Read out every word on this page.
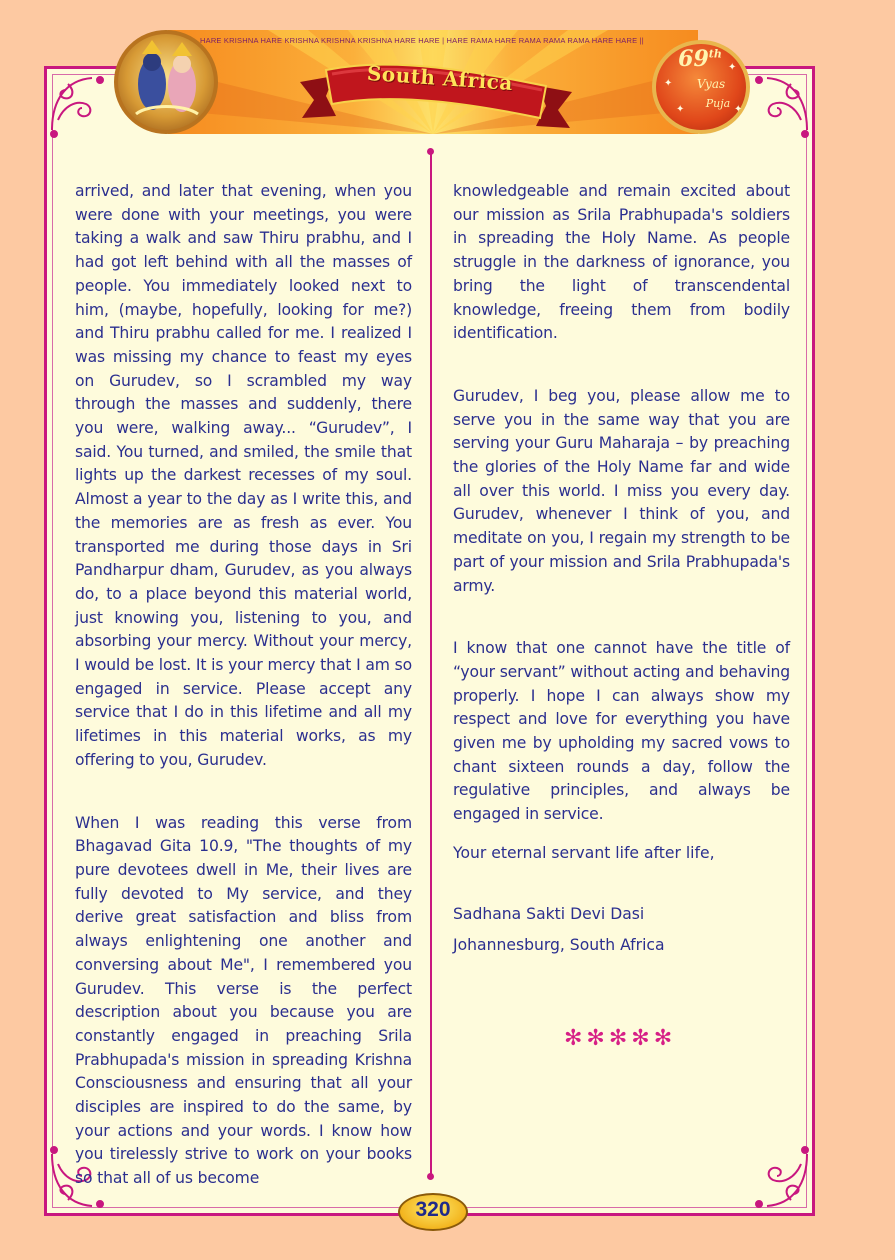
HARE KRISHNA HARE KRISHNA KRISHNA KRISHNA HARE HARE | HARE RAMA HARE RAMA RAMA RAMA HARE HARE ||
South Africa
69th
Vyas
Puja
✦
✦
✦	✦

arrived, and later that evening, when you were done with your meetings, you were taking a walk and saw Thiru prabhu, and I had got left behind with all the masses of people. You immediately looked next to him, (maybe, hopefully, looking for me?) and Thiru prabhu called for me. I realized I was missing my chance to feast my eyes on Gurudev, so I scrambled my way through the masses and suddenly, there you were, walking away... “Gurudev”, I said. You turned, and smiled, the smile that lights up the darkest recesses of my soul. Almost a year to the day as I write this, and the memories are as fresh as ever. You transported me during those days in Sri Pandharpur dham, Gurudev, as you always do, to a place beyond this material world, just knowing you, listening to you, and absorbing your mercy. Without your mercy, I would be lost. It is your mercy that I am so engaged in service. Please accept any service that I do in this lifetime and all my lifetimes in this material works, as my offering to you, Gurudev.

When I was reading this verse from Bhagavad Gita 10.9, "The thoughts of my pure devotees dwell in Me, their lives are fully devoted to My service, and they derive great satisfaction and bliss from always enlightening one another and conversing about Me", I remembered you Gurudev. This verse is the perfect description about you because you are constantly engaged in preaching Srila Prabhupada's mission in spreading Krishna Consciousness and ensuring that all your disciples are inspired to do the same, by your actions and your words. I know how you tirelessly strive to work on your books so that all of us become

knowledgeable and remain excited about our mission as Srila Prabhupada's soldiers in spreading the Holy Name. As people struggle in the darkness of ignorance, you bring the light of transcendental knowledge, freeing them from bodily identification.

Gurudev, I beg you, please allow me to serve you in the same way that you are serving your Guru Maharaja – by preaching the glories of the Holy Name far and wide all over this world. I miss you every day. Gurudev, whenever I think of you, and meditate on you, I regain my strength to be part of your mission and Srila Prabhupada's army.

I know that one cannot have the title of “your servant” without acting and behaving properly. I hope I can always show my respect and love for everything you have given me by upholding my sacred vows to chant sixteen rounds a day, follow the regulative principles, and always be engaged in service.

Your eternal servant life after life,
Sadhana Sakti Devi Dasi
Johannesburg, South Africa
✻✻✻✻✻
320
